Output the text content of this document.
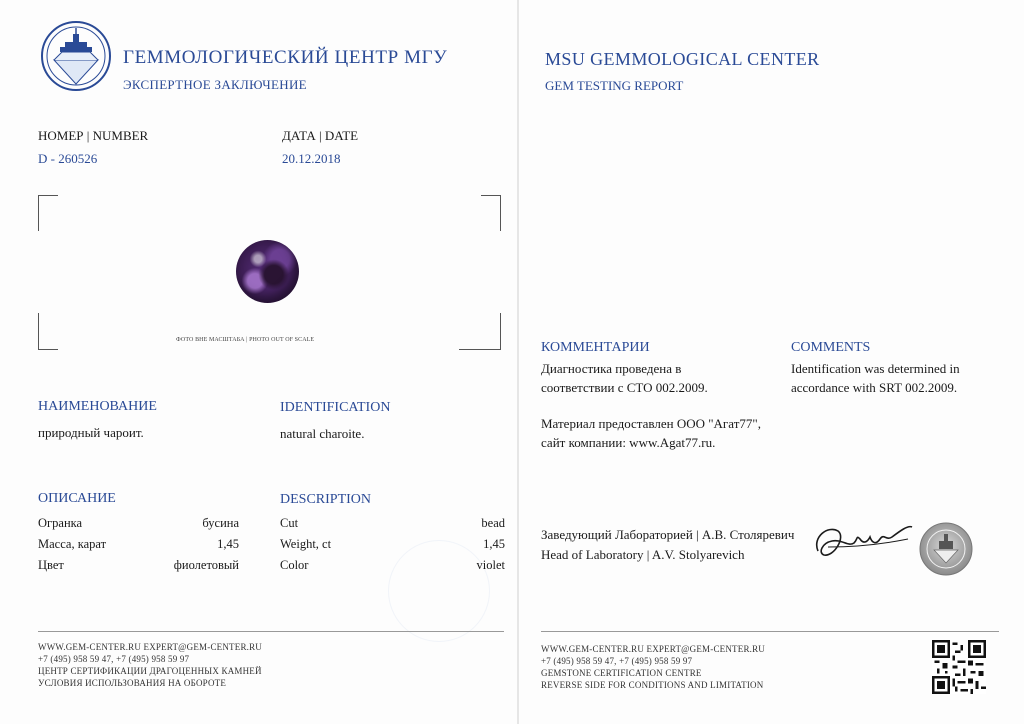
ГЕММОЛОГИЧЕСКИЙ ЦЕНТР МГУ
ЭКСПЕРТНОЕ ЗАКЛЮЧЕНИЕ
MSU GEMMOLOGICAL CENTER
GEM TESTING REPORT
НОМЕР | NUMBER
D - 260526
ДАТА | DATE
20.12.2018
ФОТО ВНЕ МАСШТАБА | PHOTO OUT OF SCALE
НАИМЕНОВАНИЕ
природный чароит.
IDENTIFICATION
natural charoite.
ОПИСАНИЕ	DESCRIPTION
Огранка	бусина
Масса, карат	1,45
Цвет	фиолетовый
Cut	bead
Weight, ct	1,45
Color	violet
КОММЕНТАРИИ
Диагностика проведена в
соответствии с СТО 002.2009.
Материал предоставлен ООО "Агат77",
сайт компании: www.Agat77.ru.
COMMENTS
Identification was determined in
accordance with SRT 002.2009.
Заведующий Лабораторией | А.В. Столяревич
Head of Laboratory | A.V. Stolyarevich
WWW.GEM-CENTER.RU EXPERT@GEM-CENTER.RU
+7 (495) 958 59 47, +7 (495) 958 59 97
ЦЕНТР СЕРТИФИКАЦИИ ДРАГОЦЕННЫХ КАМНЕЙ
УСЛОВИЯ ИСПОЛЬЗОВАНИЯ НА ОБОРОТЕ
WWW.GEM-CENTER.RU EXPERT@GEM-CENTER.RU
+7 (495) 958 59 47, +7 (495) 958 59 97
GEMSTONE CERTIFICATION CENTRE
REVERSE SIDE FOR CONDITIONS AND LIMITATION
